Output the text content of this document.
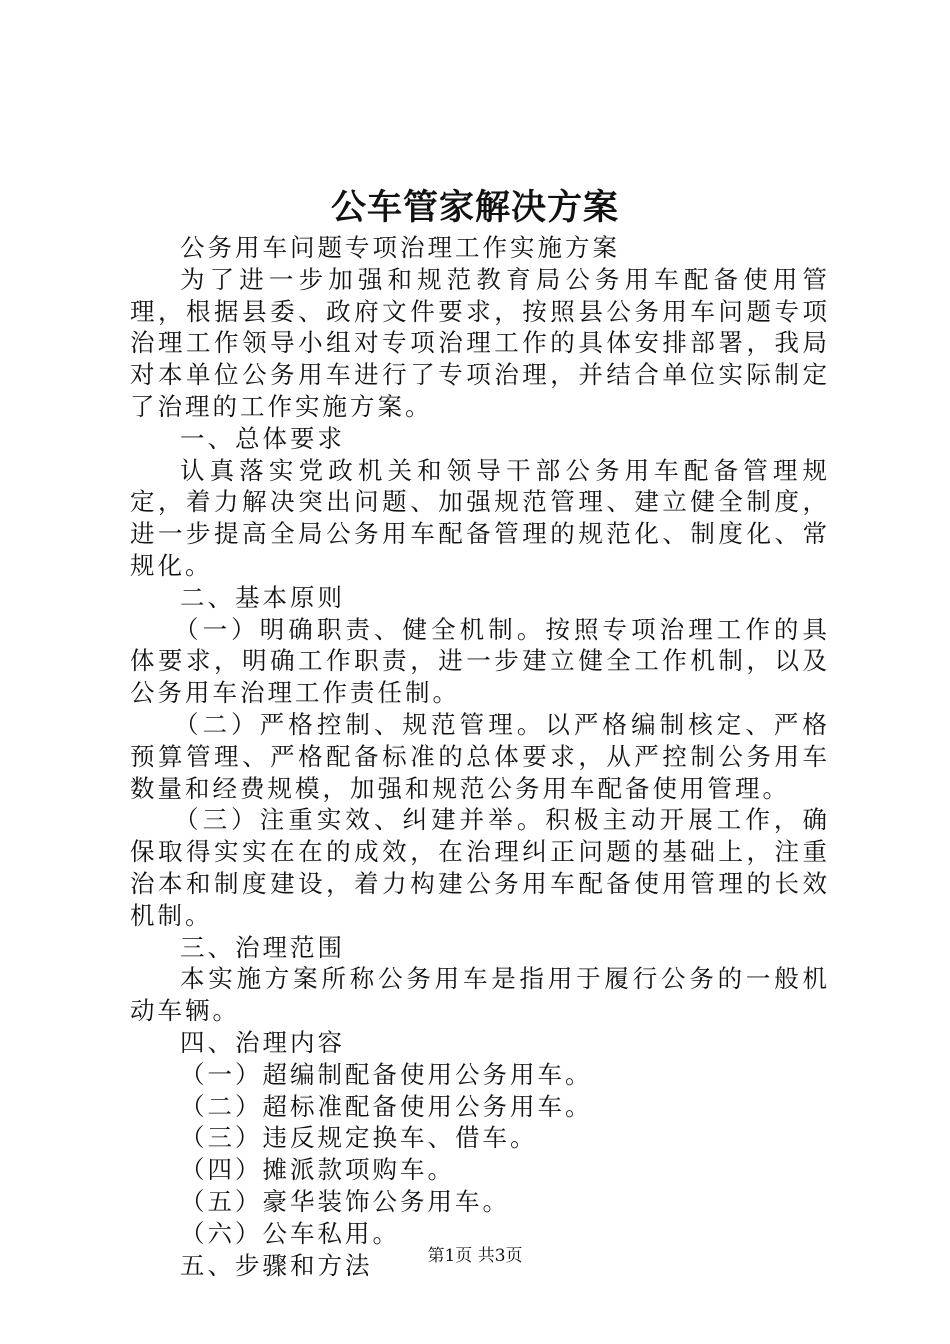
公车管家解决方案

公务用车问题专项治理工作实施方案

为了进一步加强和规范教育局公务用车配备使用管理，根据县委、政府文件要求，按照县公务用车问题专项治理工作领导小组对专项治理工作的具体安排部署，我局对本单位公务用车进行了专项治理，并结合单位实际制定了治理的工作实施方案。

一、总体要求

认真落实党政机关和领导干部公务用车配备管理规定，着力解决突出问题、加强规范管理、建立健全制度，进一步提高全局公务用车配备管理的规范化、制度化、常规化。

二、基本原则

（一）明确职责、健全机制。按照专项治理工作的具体要求，明确工作职责，进一步建立健全工作机制，以及公务用车治理工作责任制。

（二）严格控制、规范管理。以严格编制核定、严格预算管理、严格配备标准的总体要求，从严控制公务用车数量和经费规模，加强和规范公务用车配备使用管理。

（三）注重实效、纠建并举。积极主动开展工作，确保取得实实在在的成效，在治理纠正问题的基础上，注重治本和制度建设，着力构建公务用车配备使用管理的长效机制。

三、治理范围

本实施方案所称公务用车是指用于履行公务的一般机动车辆。

四、治理内容

（一）超编制配备使用公务用车。

（二）超标准配备使用公务用车。

（三）违反规定换车、借车。

（四）摊派款项购车。

（五）豪华装饰公务用车。

（六）公车私用。

五、步骤和方法	第1页 共3页
